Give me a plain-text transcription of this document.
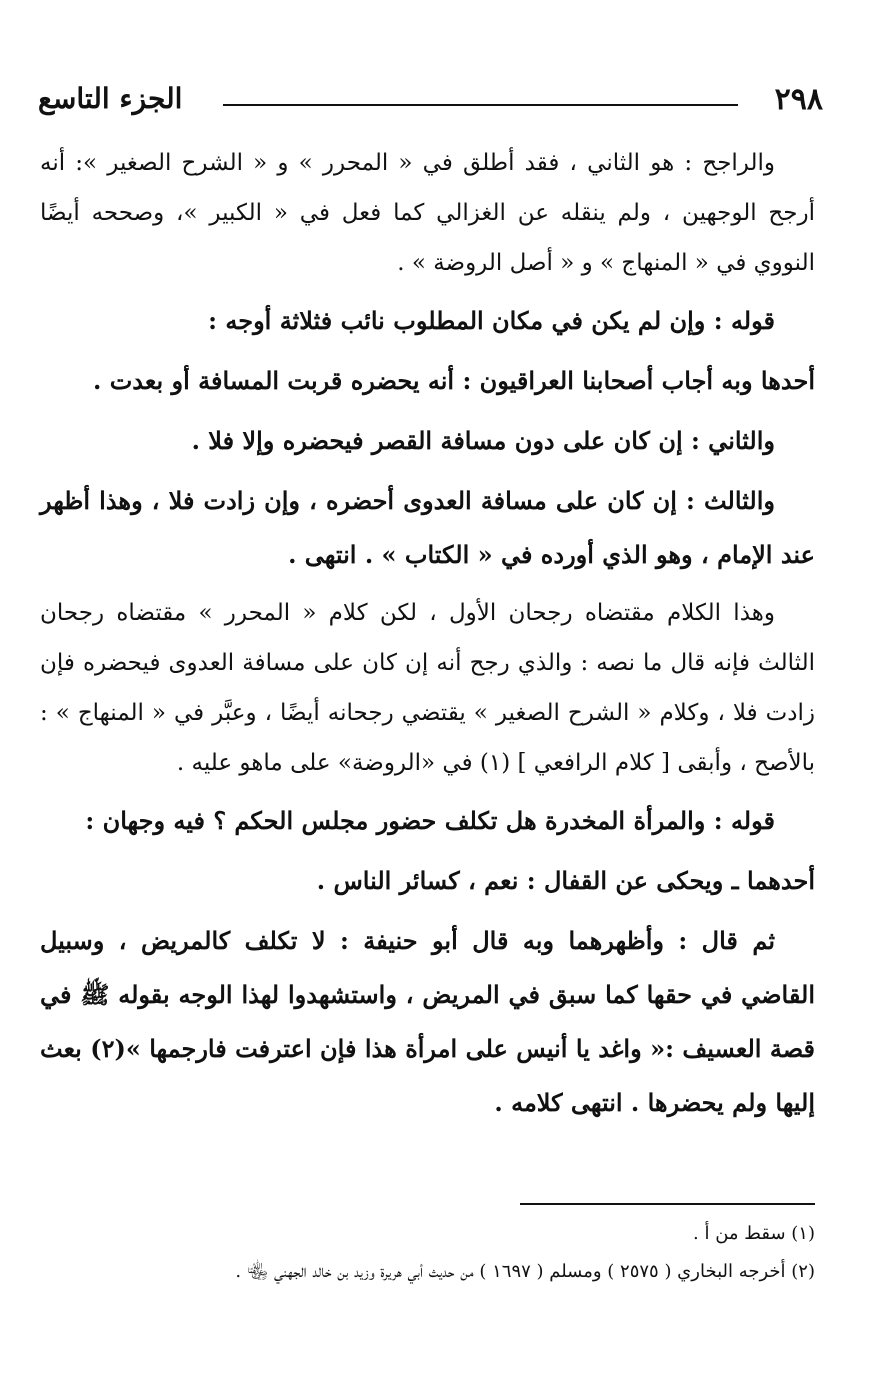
٢٩٨
الجزء التاسع

والراجح : هو الثاني ، فقد أطلق في « المحرر » و « الشرح الصغير »: أنه أرجح الوجهين ، ولم ينقله عن الغزالي كما فعل في « الكبير »، وصححه أيضًا النووي في « المنهاج » و « أصل الروضة » .

قوله : وإن لم يكن في مكان المطلوب نائب فثلاثة أوجه :

أحدها وبه أجاب أصحابنا العراقيون : أنه يحضره قربت المسافة أو بعدت .

والثاني : إن كان على دون مسافة القصر فيحضره وإلا فلا .

والثالث : إن كان على مسافة العدوى أحضره ، وإن زادت فلا ، وهذا أظهر عند الإمام ، وهو الذي أورده في « الكتاب » . انتهى .

وهذا الكلام مقتضاه رجحان الأول ، لكن كلام « المحرر » مقتضاه رجحان الثالث فإنه قال ما نصه : والذي رجح أنه إن كان على مسافة العدوى فيحضره فإن زادت فلا ، وكلام « الشرح الصغير » يقتضي رجحانه أيضًا ، وعبَّر في « المنهاج » : بالأصح ، وأبقى [ كلام الرافعي ] (١) في «الروضة» على ماهو عليه .

قوله : والمرأة المخدرة هل تكلف حضور مجلس الحكم ؟ فيه وجهان :

أحدهما ـ ويحكى عن القفال : نعم ، كسائر الناس .

ثم قال : وأظهرهما وبه قال أبو حنيفة : لا تكلف كالمريض ، وسبيل القاضي في حقها كما سبق في المريض ، واستشهدوا لهذا الوجه بقوله ﷺ في قصة العسيف :« واغد يا أنيس على امرأة هذا فإن اعترفت فارجمها »(٢) بعث إليها ولم يحضرها . انتهى كلامه .

(١) سقط من أ .

(٢) أخرجه البخاري ( ٢٥٧٥ ) ومسلم ( ١٦٩٧ ) من حديث أبي هريرة وزيد بن خالد الجهني ﵄ .
